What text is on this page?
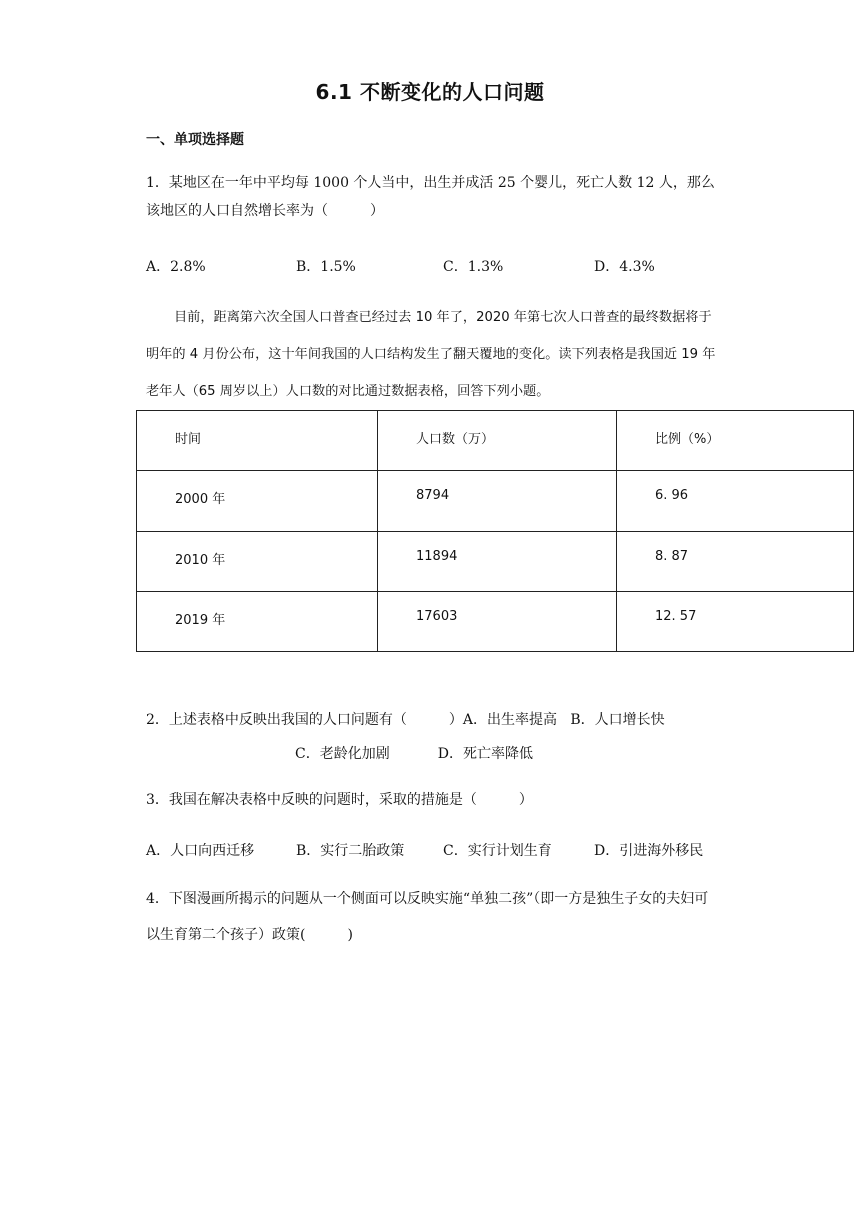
6.1 不断变化的人口问题
一、单项选择题
1．某地区在一年中平均每 1000 个人当中，出生并成活 25 个婴儿，死亡人数 12 人，那么该地区的人口自然增长率为（　　　）
A．2.8%	B．1.5%	C．1.3%	D．4.3%
目前，距离第六次全国人口普查已经过去 10 年了，2020 年第七次人口普查的最终数据将于明年的 4 月份公布，这十年间我国的人口结构发生了翻天覆地的变化。读下列表格是我国近 19 年老年人（65 周岁以上）人口数的对比通过数据表格，回答下列小题。
时间	人口数（万）	比例（%）
2000 年	8794	6. 96
2010 年	11894	8. 87
2019 年	17603	12. 57
2．上述表格中反映出我国的人口问题有（　　　）A．出生率提高 B．人口增长快
C．老龄化加剧	D．死亡率降低
3．我国在解决表格中反映的问题时，采取的措施是（　　　）
A．人口向西迁移	B．实行二胎政策	C．实行计划生育	D．引进海外移民
4．下图漫画所揭示的问题从一个侧面可以反映实施“单独二孩”（即一方是独生子女的夫妇可以生育第二个孩子）政策(　　　)
